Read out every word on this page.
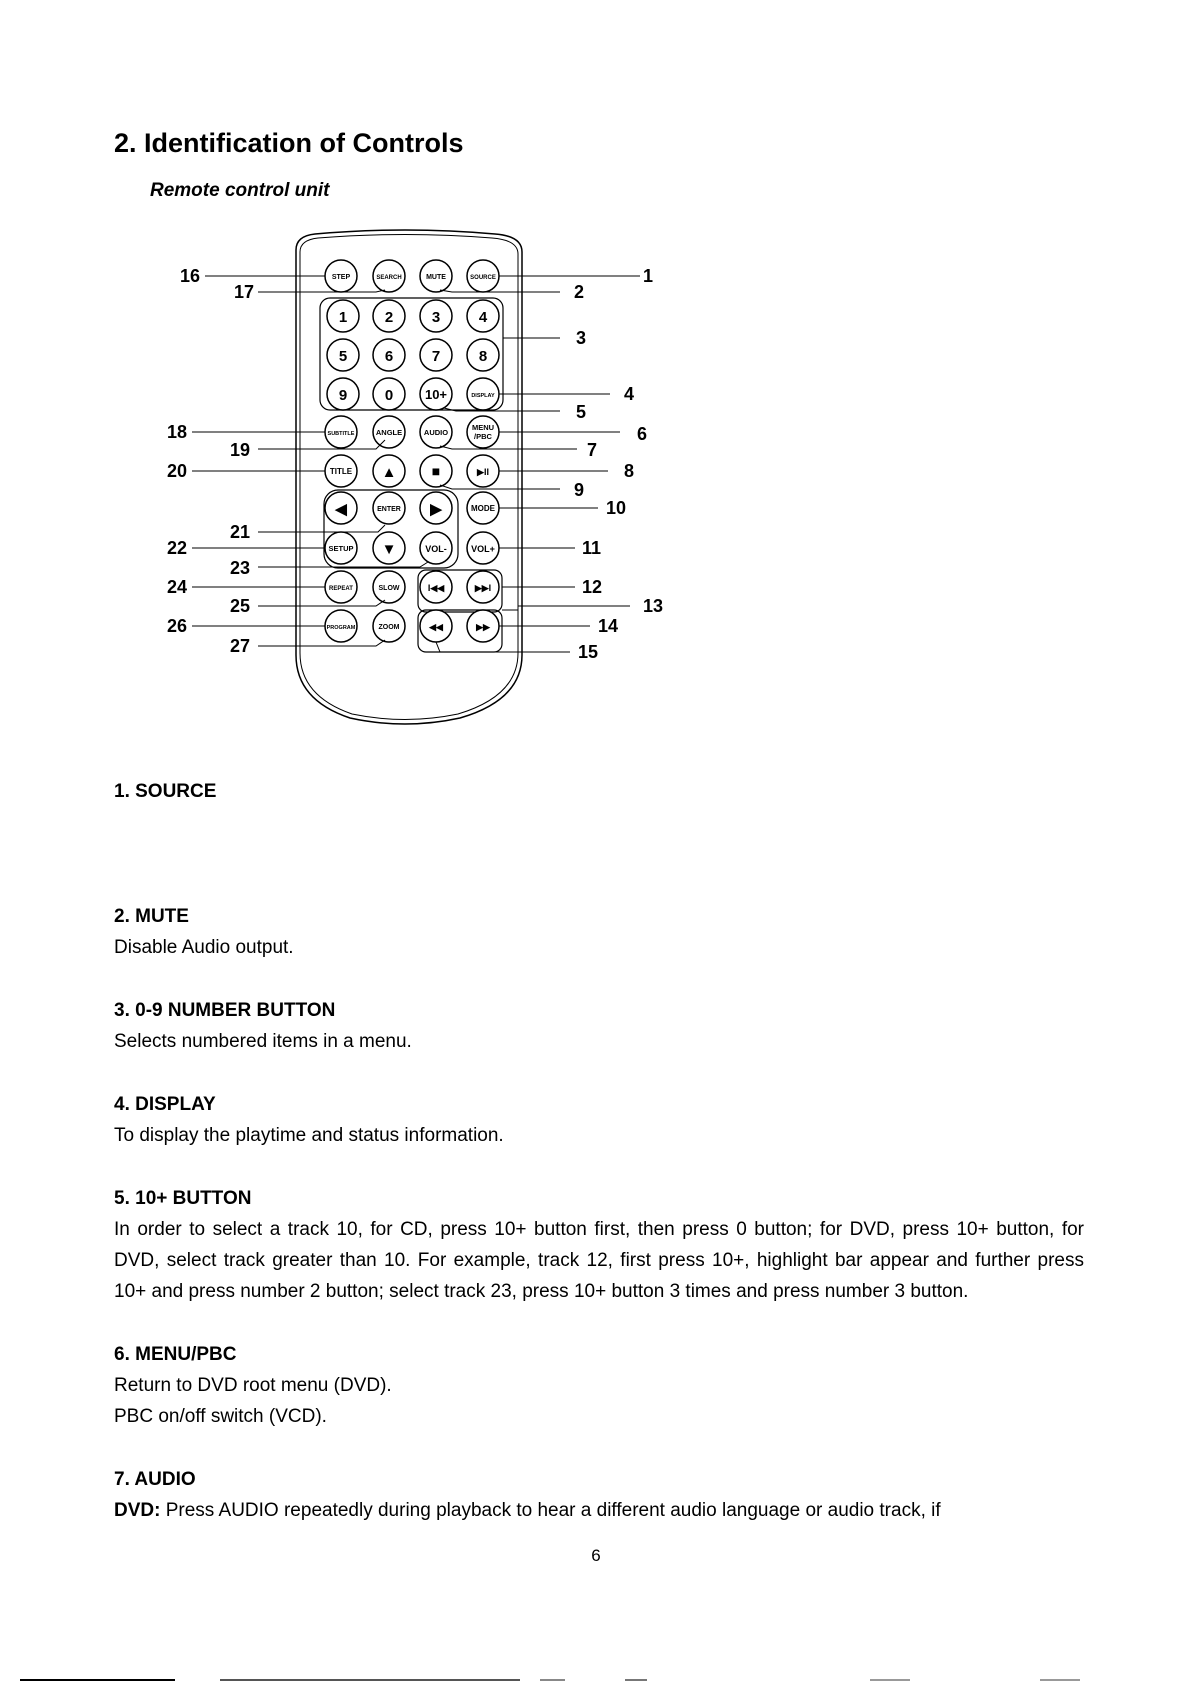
2. Identification of Controls
Remote control unit
STEP	SEARCH	MUTE	SOURCE
1	2	3	4
5	6	7	8
9	0 10+	DISPLAY
SUBTITLE	ANGLE	AUDIO
MENU
/PBC
TITLE ▲	■	▶II
◀	ENTER ▶	MODE
SETUP ▼	VOL-	VOL+
REPEAT	SLOW	I◀◀	▶▶I
PROGRAM	ZOOM	◀◀	▶▶
1
2
3
4
5
6
7
8
9
10
11
12
13
14
15
16
17
18
19
20
21
22
23
24
25
26
27
1. SOURCE
2. MUTE
Disable Audio output.
3. 0-9 NUMBER BUTTON
Selects numbered items in a menu.
4. DISPLAY
To display the playtime and status information.
5. 10+ BUTTON
In order to select a track 10, for CD, press 10+ button first, then press 0 button; for DVD, press 10+ button, for DVD, select track greater than 10. For example, track 12, first press 10+, highlight bar appear and further press 10+ and press number 2 button; select track 23, press 10+ button 3 times and press number 3 button.
6. MENU/PBC
Return to DVD root menu (DVD).
PBC on/off switch (VCD).
7. AUDIO
DVD: Press AUDIO repeatedly during playback to hear a different audio language or audio track, if
6
